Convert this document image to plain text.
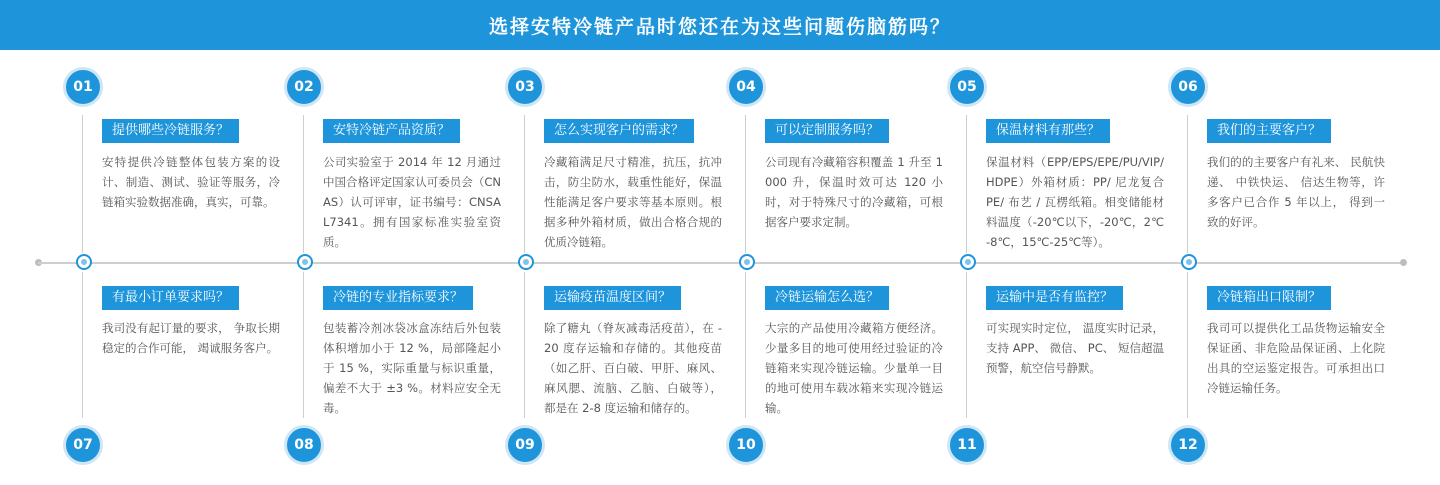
选择安特冷链产品时您还在为这些问题伤脑筋吗？
01
07
提供哪些冷链服务？
安特提供冷链整体包装方案的设计、制造、测试、验证等服务，冷链箱实验数据准确，真实，可靠。
有最小订单要求吗？
我司没有起订量的要求， 争取长期稳定的合作可能， 竭诚服务客户。
02
08
安特冷链产品资质？
公司实验室于 2014 年 12 月通过中国合格评定国家认可委员会（CNAS）认可评审，证书编号：CNSAL7341。拥有国家标准实验室资质。
冷链的专业指标要求？
包装蓄冷剂冰袋冰盒冻结后外包装体积增加小于 12 %，局部隆起小于 15 %，实际重量与标识重量，偏差不大于 ±3 %。材料应安全无毒。
03
09
怎么实现客户的需求？
冷藏箱满足尺寸精准，抗压，抗冲击，防尘防水，载重性能好，保温性能满足客户要求等基本原则。根据多种外箱材质，做出合格合规的优质冷链箱。
运输疫苗温度区间？
除了糖丸（脊灰减毒活疫苗），在 -20 度存运输和存储的。其他疫苗（如乙肝、百白破、甲肝、麻风、麻风腮、流脑、乙脑、白破等），都是在 2-8 度运输和储存的。
04
10
可以定制服务吗？
公司现有冷藏箱容积覆盖 1 升至 1000 升，保温时效可达 120 小时，对于特殊尺寸的冷藏箱，可根据客户要求定制。
冷链运输怎么选？
大宗的产品使用冷藏箱方便经济。少量多目的地可使用经过验证的冷链箱来实现冷链运输。少量单一目的地可使用车载冰箱来实现冷链运输。
05
11
保温材料有那些？
保温材料（EPP/EPS/EPE/PU/VIP/HDPE）外箱材质：PP/ 尼龙复合 PE/ 布艺 / 瓦楞纸箱。相变储能材料温度（-20℃以下，-20℃，2℃-8℃，15℃-25℃等）。
运输中是否有监控？
可实现实时定位， 温度实时记录，支持 APP、 微信、 PC、 短信超温预警，航空信号静默。
06
12
我们的主要客户？
我们的的主要客户有礼来、 民航快递、 中铁快运、 信达生物等，许多客户已合作 5 年以上， 得到一致的好评。
冷链箱出口限制？
我司可以提供化工品货物运输安全保证函、非危险品保证函、上化院出具的空运鉴定报告。可承担出口冷链运输任务。
